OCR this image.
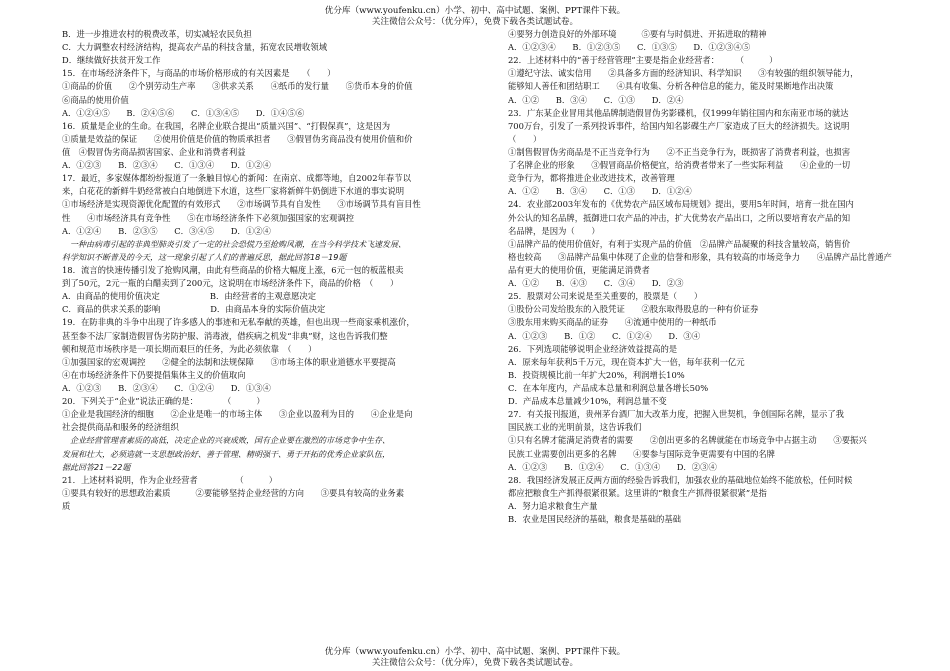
优分库（www.youfenku.cn）小学、初中、高中试题、案例、PPT课件下载。
关注微信公众号：（优分库），免费下载各类试题试卷。
B．进一步推进农村的税费改革，切实减轻农民负担
C．大力调整农村经济结构，提高农产品的科技含量，拓宽农民增收领域
D．继续做好扶贫开发工作
15．在市场经济条件下，与商品的市场价格形成的有关因素是　　（　　）
①商品的价值　　②个别劳动生产率　　③供求关系　　④纸币的发行量　　⑤货币本身的价值
⑥商品的使用价值
A．①②④⑤　　B．②④⑤⑥　　C．①③④⑤　　D．①④⑤⑥
16．质量是企业的生命。在我国，名牌企业联合提出“质量兴国”、“打假保真”，这是因为
①质量是效益的保证　　②使用价值是价值的物质承担者　　③假冒伪劣商品没有使用价值和价
值　④假冒伪劣商品损害国家、企业和消费者利益
A．①②③　　B．②③④　　C．①③④　　D．①②④
17．最近，多家媒体都纷纷报道了一条触目惊心的新闻：在南京、成都等地，自2002年春节以
来，白花花的新鲜牛奶经常被白白地倒进下水道，这些厂家将新鲜牛奶倒进下水道的事实说明
①市场经济是实现资源优化配置的有效形式　　②市场调节具有自发性　　③市场调节具有盲目性
性　　④市场经济具有竞争性　　⑤在市场经济条件下必须加强国家的宏观调控
A．①②④　　B．②③⑤　　C．③④⑤　　D．①②④
　一种由病毒引起的非典型肺炎引发了一定的社会恐慌乃至抢购风潮，在当今科学技术飞速发展、
科学知识不断普及的今天，这一现象引起了人们的普遍反思，据此回答18－19题
18．流言的快速传播引发了抢购风潮，由此有些商品的价格大幅度上涨，6元一包的板蓝根卖
到了50元，2元一瓶的白醋卖到了200元，这说明在市场经济条件下，商品的价格　（　　）
A．由商品的使用价值决定　　　　　　B．由经营者的主观意愿决定
C．商品的供求关系的影响　　　　　　D．由商品本身的实际价值决定
19．在防非典的斗争中出现了许多感人的事迹和无私奉献的英雄，但也出现一些商家乘机涨价，
甚至参不法厂家制造假冒伪劣防护服、消毒液，借疾病之机发“非典”财，这也告诉我们整
顿和规范市场秩序是一项长期而艰巨的任务，为此必须依靠　（　　）
①加强国家的宏观调控　　②健全的法制和法规保障　　③市场主体的职业道德水平要提高
④在市场经济条件下仍要提倡集体主义的价值取向
A．①②③　　B．②③④　　C．①②④　　D．①③④
20．下列关于“企业”说法正确的是：　　　　（　　　）
①企业是我国经济的细胞　　②企业是唯一的市场主体　　③企业以盈利为目的　　④企业是向
社会提供商品和服务的经济组织
　企业经营管理者素质的高低，决定企业的兴衰成败，国有企业要在激烈的市场竞争中生存、
发展和壮大，必须造就一支思想政治好、善于管理、精明强干、勇于开拓的优秀企业家队伍，
据此回答21－22题
21．上述材料说明，作为企业经营者　　　　　（　　　）
①要具有较好的思想政治素质　　　②要能够坚持企业经营的方向　　③要具有较高的业务素
质
④要努力创造良好的外部环境　　　⑤要有与时俱进、开拓进取的精神
A．①②③④　　B．①②③⑤　　C．①③⑤　　D．①②③④⑤
22．上述材料中的“善于经营管理”主要是指企业经营者：　　　（　　　）
①遵纪守法、诚实信用　　②具备多方面的经济知识、科学知识　　③有较强的组织领导能力，
能够知人善任和团结职工　　④具有收集、分析各种信息的能力，能及时果断地作出决策
A．①②　　B．③④　　C．①③　　D．②④
23．广东某企业冒用其他品牌制造假冒伪劣影碟机，仅1999年销往国内和东南亚市场的就达
700万台，引发了一系列投诉事件，给国内知名影碟生产厂家造成了巨大的经济损失。这说明
（　　）
①制售假冒伪劣商品是不正当竞争行为　　②不正当竞争行为，既损害了消费者利益，也损害
了名牌企业的形象　　③假冒商品价格便宜，给消费者带来了一些实际利益　　④企业的一切
竞争行为，都将推进企业改进技术，改善管理
A．①②　　B．③④　　C．①③　　D．①②④
24．农业部2003年发布的《优势农产品区域布局规划》提出，要用5年时间，培育一批在国内
外公认的知名品牌，抵御进口农产品的冲击，扩大优势农产品出口，之所以要培育农产品的知
名品牌，是因为（　　）
①品牌产品的使用价值好，有利于实现产品的价值　②品牌产品凝聚的科技含量较高，销售价
格也较高　　③品牌产品集中体现了企业的信誉和形象，具有较高的市场竞争力　　④品牌产品比普通产
品有更大的使用价值，更能满足消费者
A．①②　　B．④③　　C．③④　　D．②③
25．股票对公司来说是至关重要的，股票是（　　）
①股份公司发给股东的入股凭证　　②股东取得股息的一种有价证券
③股东用来购买商品的证券　　④流通中使用的一种纸币
A．①②③　　B．①②　　C．①②④　　D．③④
26．下列选项能够说明企业经济效益提高的是
A．原来每年获利5千万元，现在资本扩大一倍，每年获利一亿元
B．投资规模比前一年扩大20%，利润增长10%
C．在本年度内，产品成本总量和利润总量各增长50%
D．产品成本总量减少10%，利润总量不变
27．有关报刊报道，贵州茅台酒厂加大改革力度，把握入世契机，争创国际名牌，显示了我
国民族工业的光明前景，这告诉我们
①只有名牌才能满足消费者的需要　　②创出更多的名牌就能在市场竞争中占据主动　　③要振兴
民族工业需要创出更多的名牌　　④要参与国际竞争更需要有中国的名牌
A．①②③　　B．①②④　　C．①③④　　D．②③④
28．我国经济发展正反两方面的经验告诉我们，加强农业的基础地位始终不能放松，任何时候
都应把粮食生产抓得很紧很紧。这里讲的“粮食生产抓得很紧很紧”是指
A．努力追求粮食生产量
B．农业是国民经济的基础，粮食是基础的基础
优分库（www.youfenku.cn）小学、初中、高中试题、案例、PPT课件下载。
关注微信公众号：（优分库），免费下载各类试题试卷。
